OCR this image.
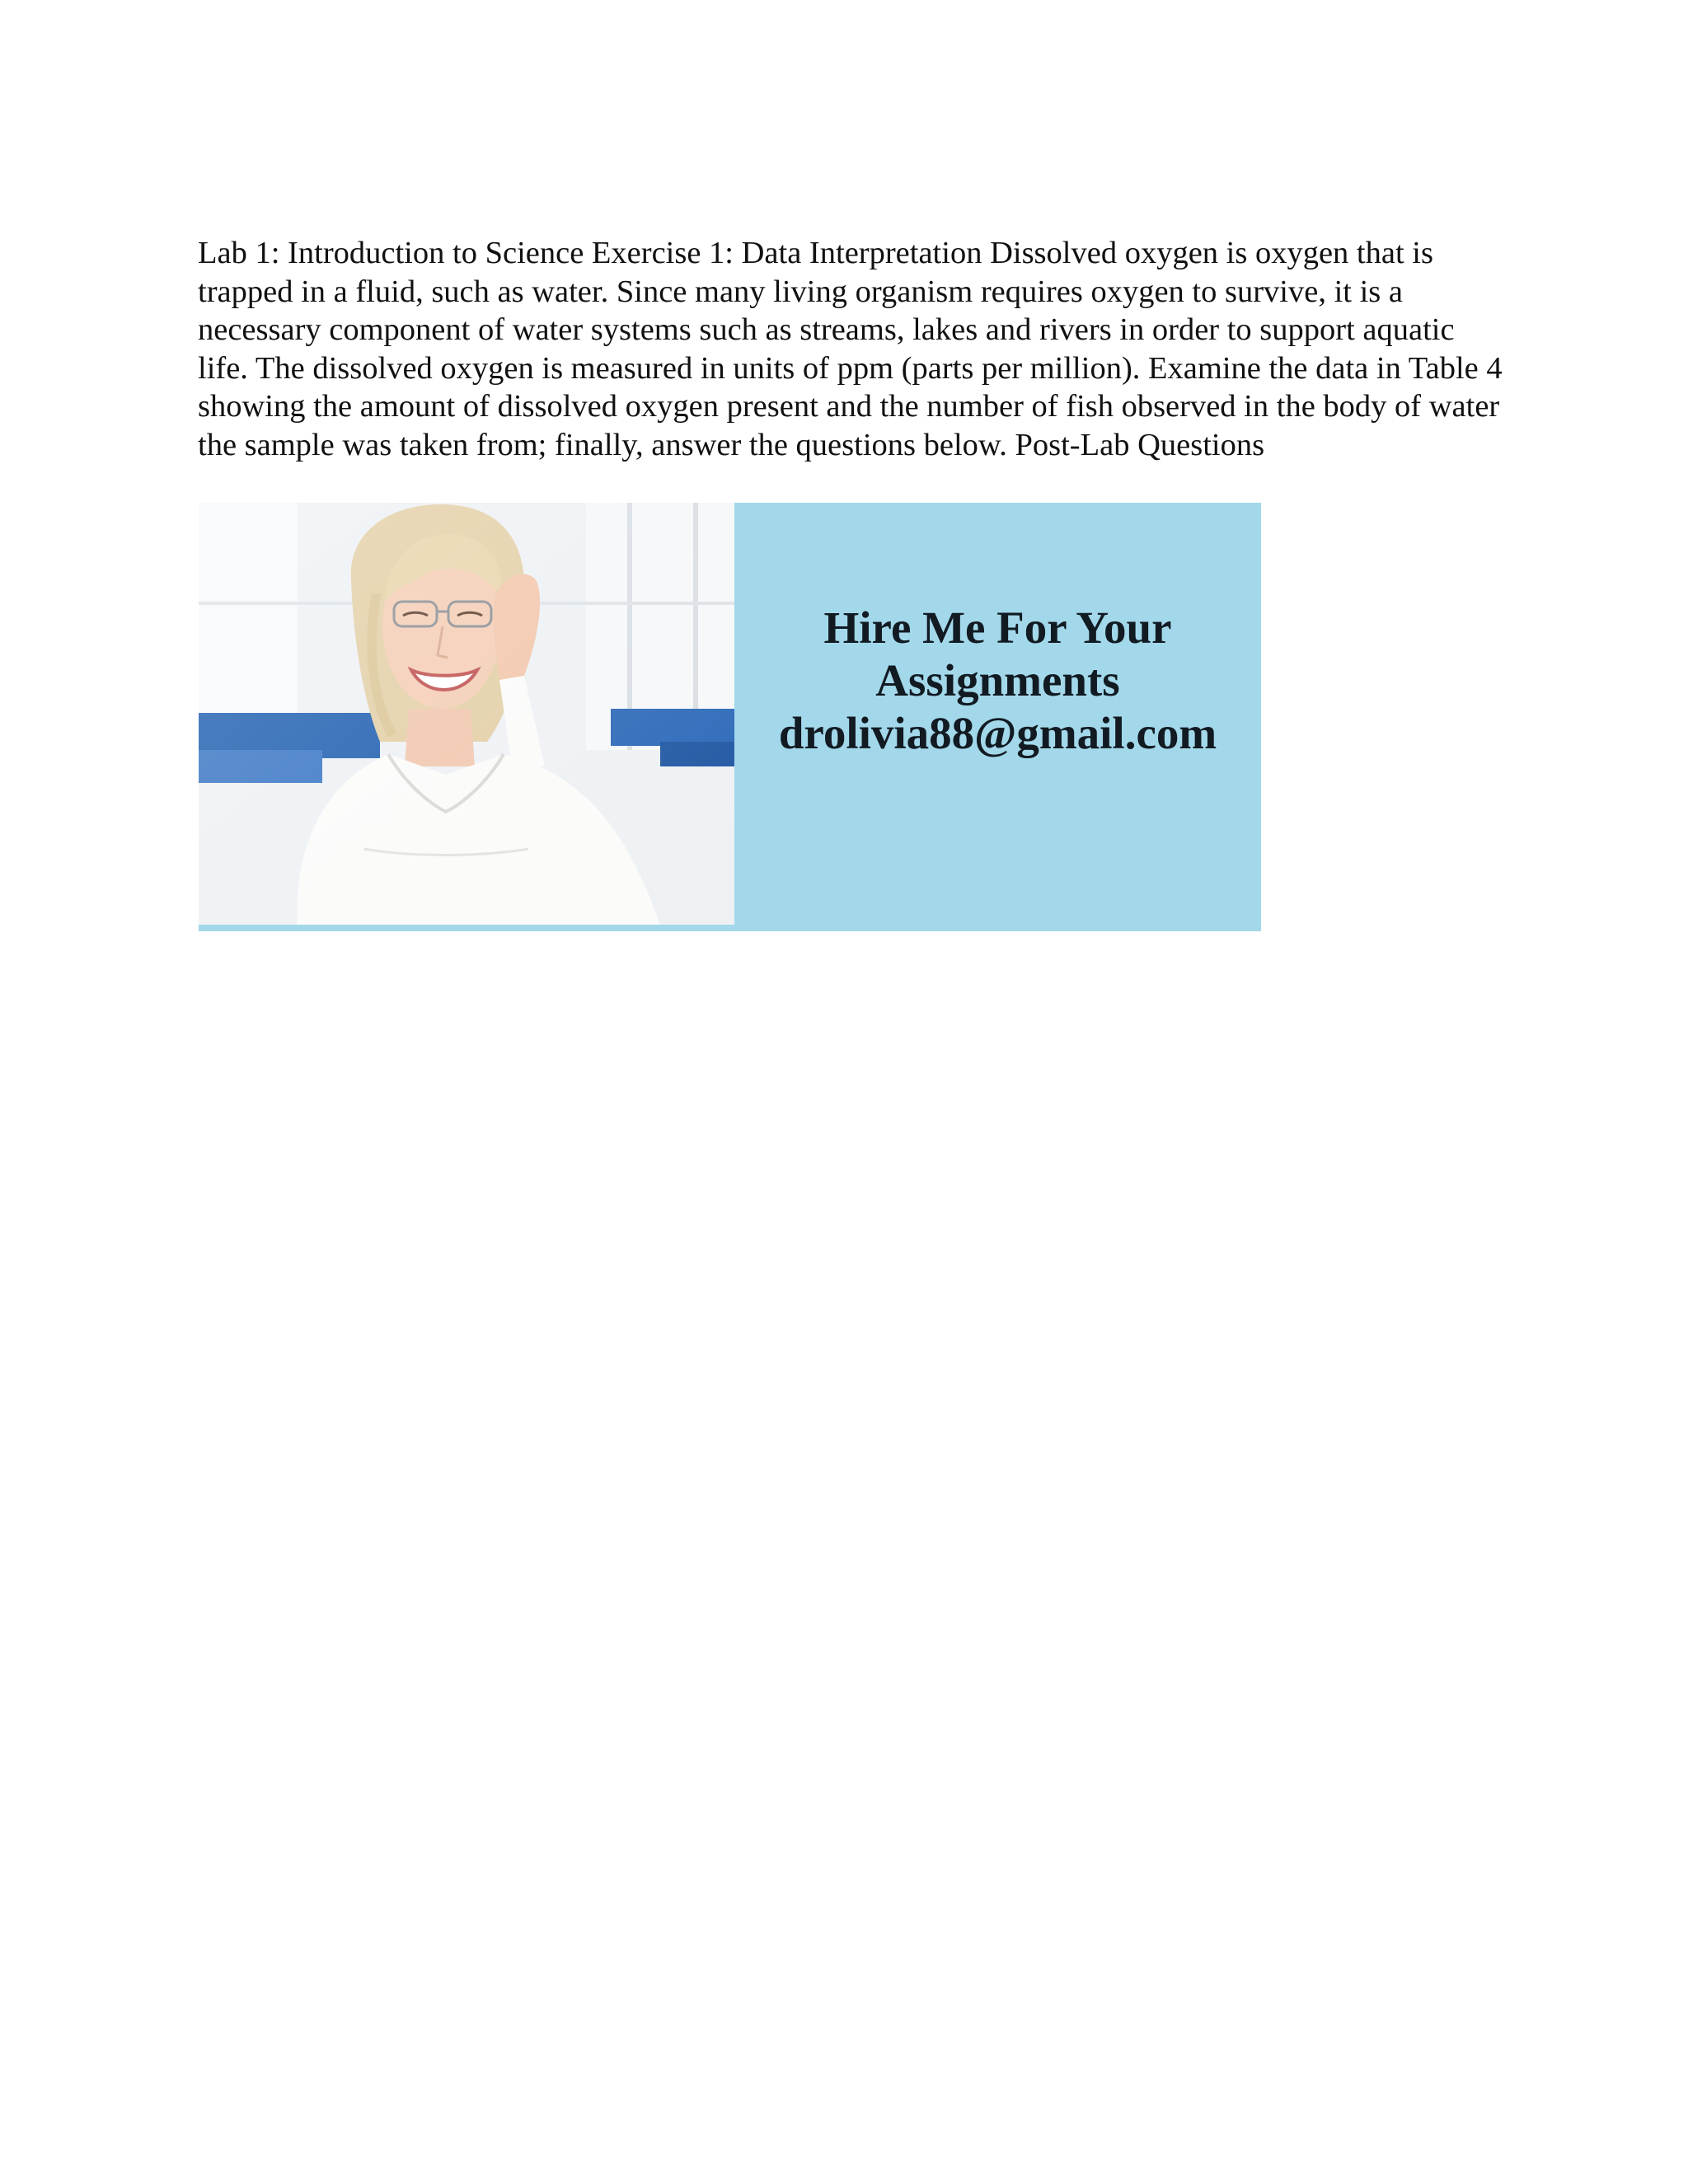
Lab 1: Introduction to Science Exercise 1: Data Interpretation Dissolved oxygen is oxygen that is trapped in a fluid, such as water. Since many living organism requires oxygen to survive, it is a necessary component of water systems such as streams, lakes and rivers in order to support aquatic life. The dissolved oxygen is measured in units of ppm (parts per million). Examine the data in Table 4 showing the amount of dissolved oxygen present and the number of fish observed in the body of water the sample was taken from; finally, answer the questions below. Post-Lab Questions

Hire Me For Your
Assignments
drolivia88@gmail.com
